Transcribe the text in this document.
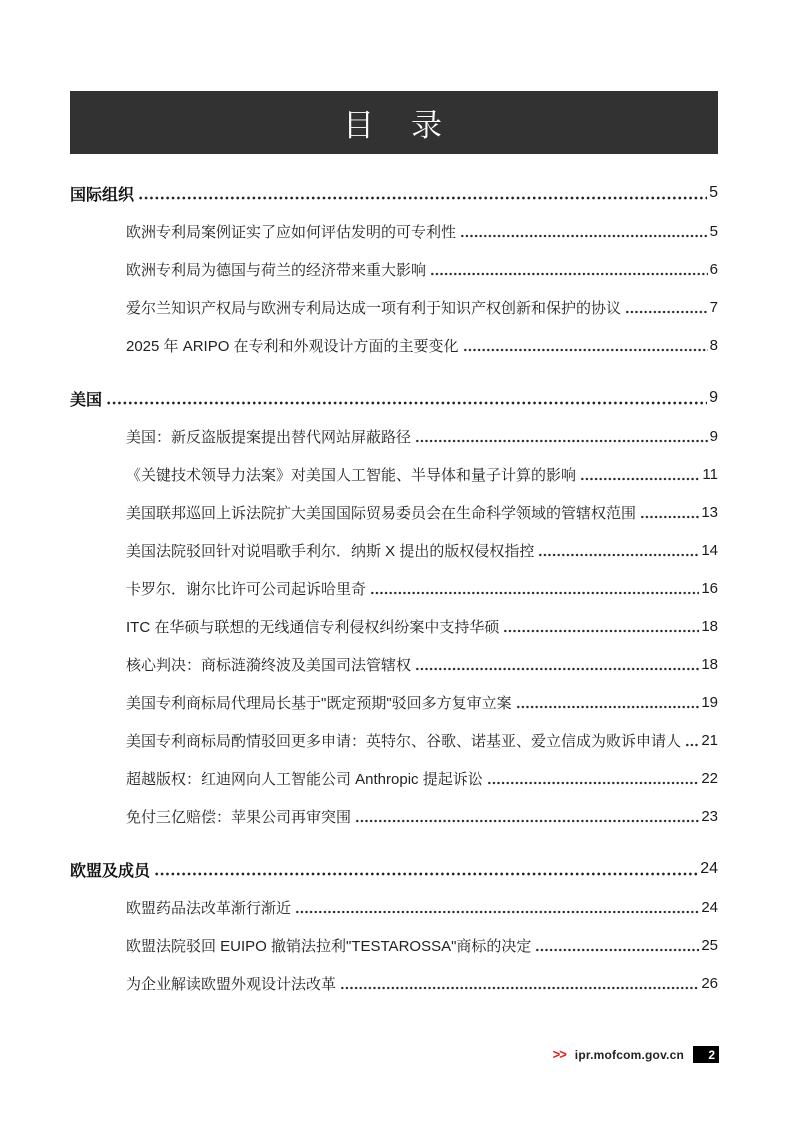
目　录
国际组织	5
欧洲专利局案例证实了应如何评估发明的可专利性	5
欧洲专利局为德国与荷兰的经济带来重大影响	6
爱尔兰知识产权局与欧洲专利局达成一项有利于知识产权创新和保护的协议	7
2025 年 ARIPO 在专利和外观设计方面的主要变化	8
美国	9
美国：新反盗版提案提出替代网站屏蔽路径	9
《关键技术领导力法案》对美国人工智能、半导体和量子计算的影响	11
美国联邦巡回上诉法院扩大美国国际贸易委员会在生命科学领域的管辖权范围	13
美国法院驳回针对说唱歌手利尔．纳斯 X 提出的版权侵权指控	14
卡罗尔．谢尔比许可公司起诉哈里奇	16
ITC 在华硕与联想的无线通信专利侵权纠纷案中支持华硕	18
核心判决：商标涟漪终波及美国司法管辖权	18
美国专利商标局代理局长基于"既定预期"驳回多方复审立案	19
美国专利商标局酌情驳回更多申请：英特尔、谷歌、诺基亚、爱立信成为败诉申请人 21
超越版权：红迪网向人工智能公司 Anthropic 提起诉讼	22
免付三亿赔偿：苹果公司再审突围	23
欧盟及成员	24
欧盟药品法改革渐行渐近	24
欧盟法院驳回 EUIPO 撤销法拉利"TESTAROSSA"商标的决定	25
为企业解读欧盟外观设计法改革	26
>> ipr.mofcom.gov.cn 2
